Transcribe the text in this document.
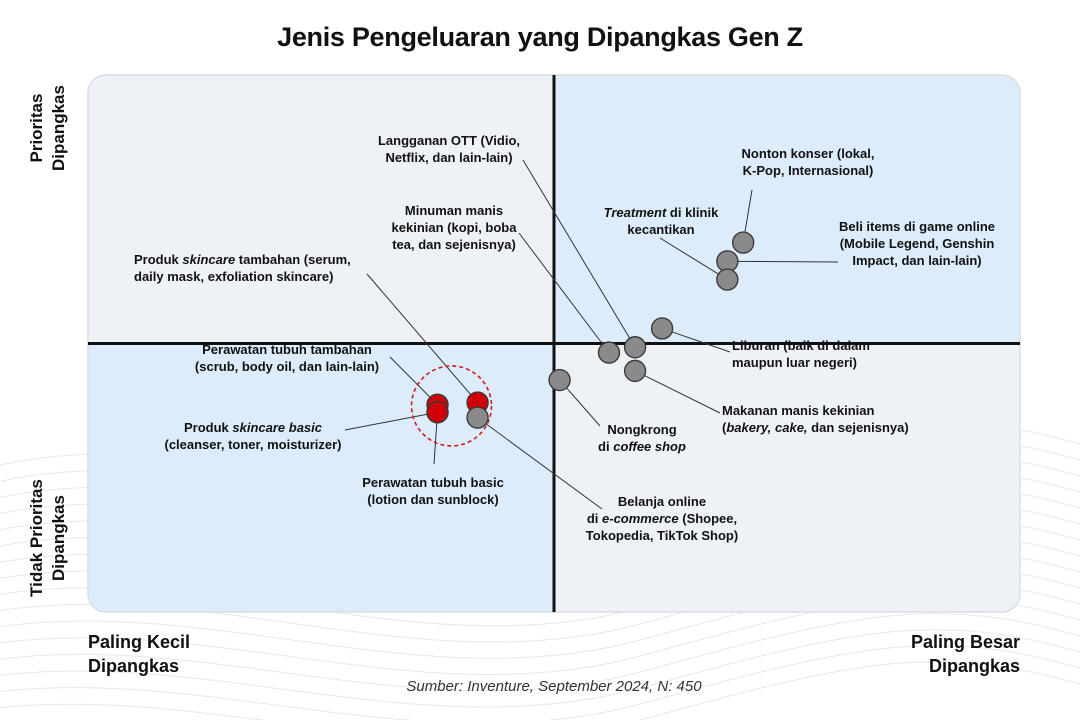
Jenis Pengeluaran yang Dipangkas Gen Z
Prioritas Dipangkas
Tidak Prioritas Dipangkas
Paling Kecil
Dipangkas
Paling Besar
Dipangkas
Nonton konser (lokal,
K-Pop, Internasional)
Beli items di game online
(Mobile Legend, Genshin
Impact, dan lain-lain)
Treatment di klinik
kecantikan
Langganan OTT (Vidio,
Netflix, dan lain-lain)
Liburan (baik di dalam
maupun luar negeri)
Minuman manis
kekinian (kopi, boba
tea, dan sejenisnya)
Makanan manis kekinian
(bakery, cake, dan sejenisnya)
Nongkrong
di coffee shop
Produk skincare tambahan (serum,
daily mask, exfoliation skincare)
Belanja online
di e-commerce (Shopee,
Tokopedia, TikTok Shop)
Perawatan tubuh tambahan
(scrub, body oil, dan lain-lain)
Produk skincare basic
(cleanser, toner, moisturizer)
Perawatan tubuh basic
(lotion dan sunblock)
Sumber: Inventure, September 2024, N: 450
